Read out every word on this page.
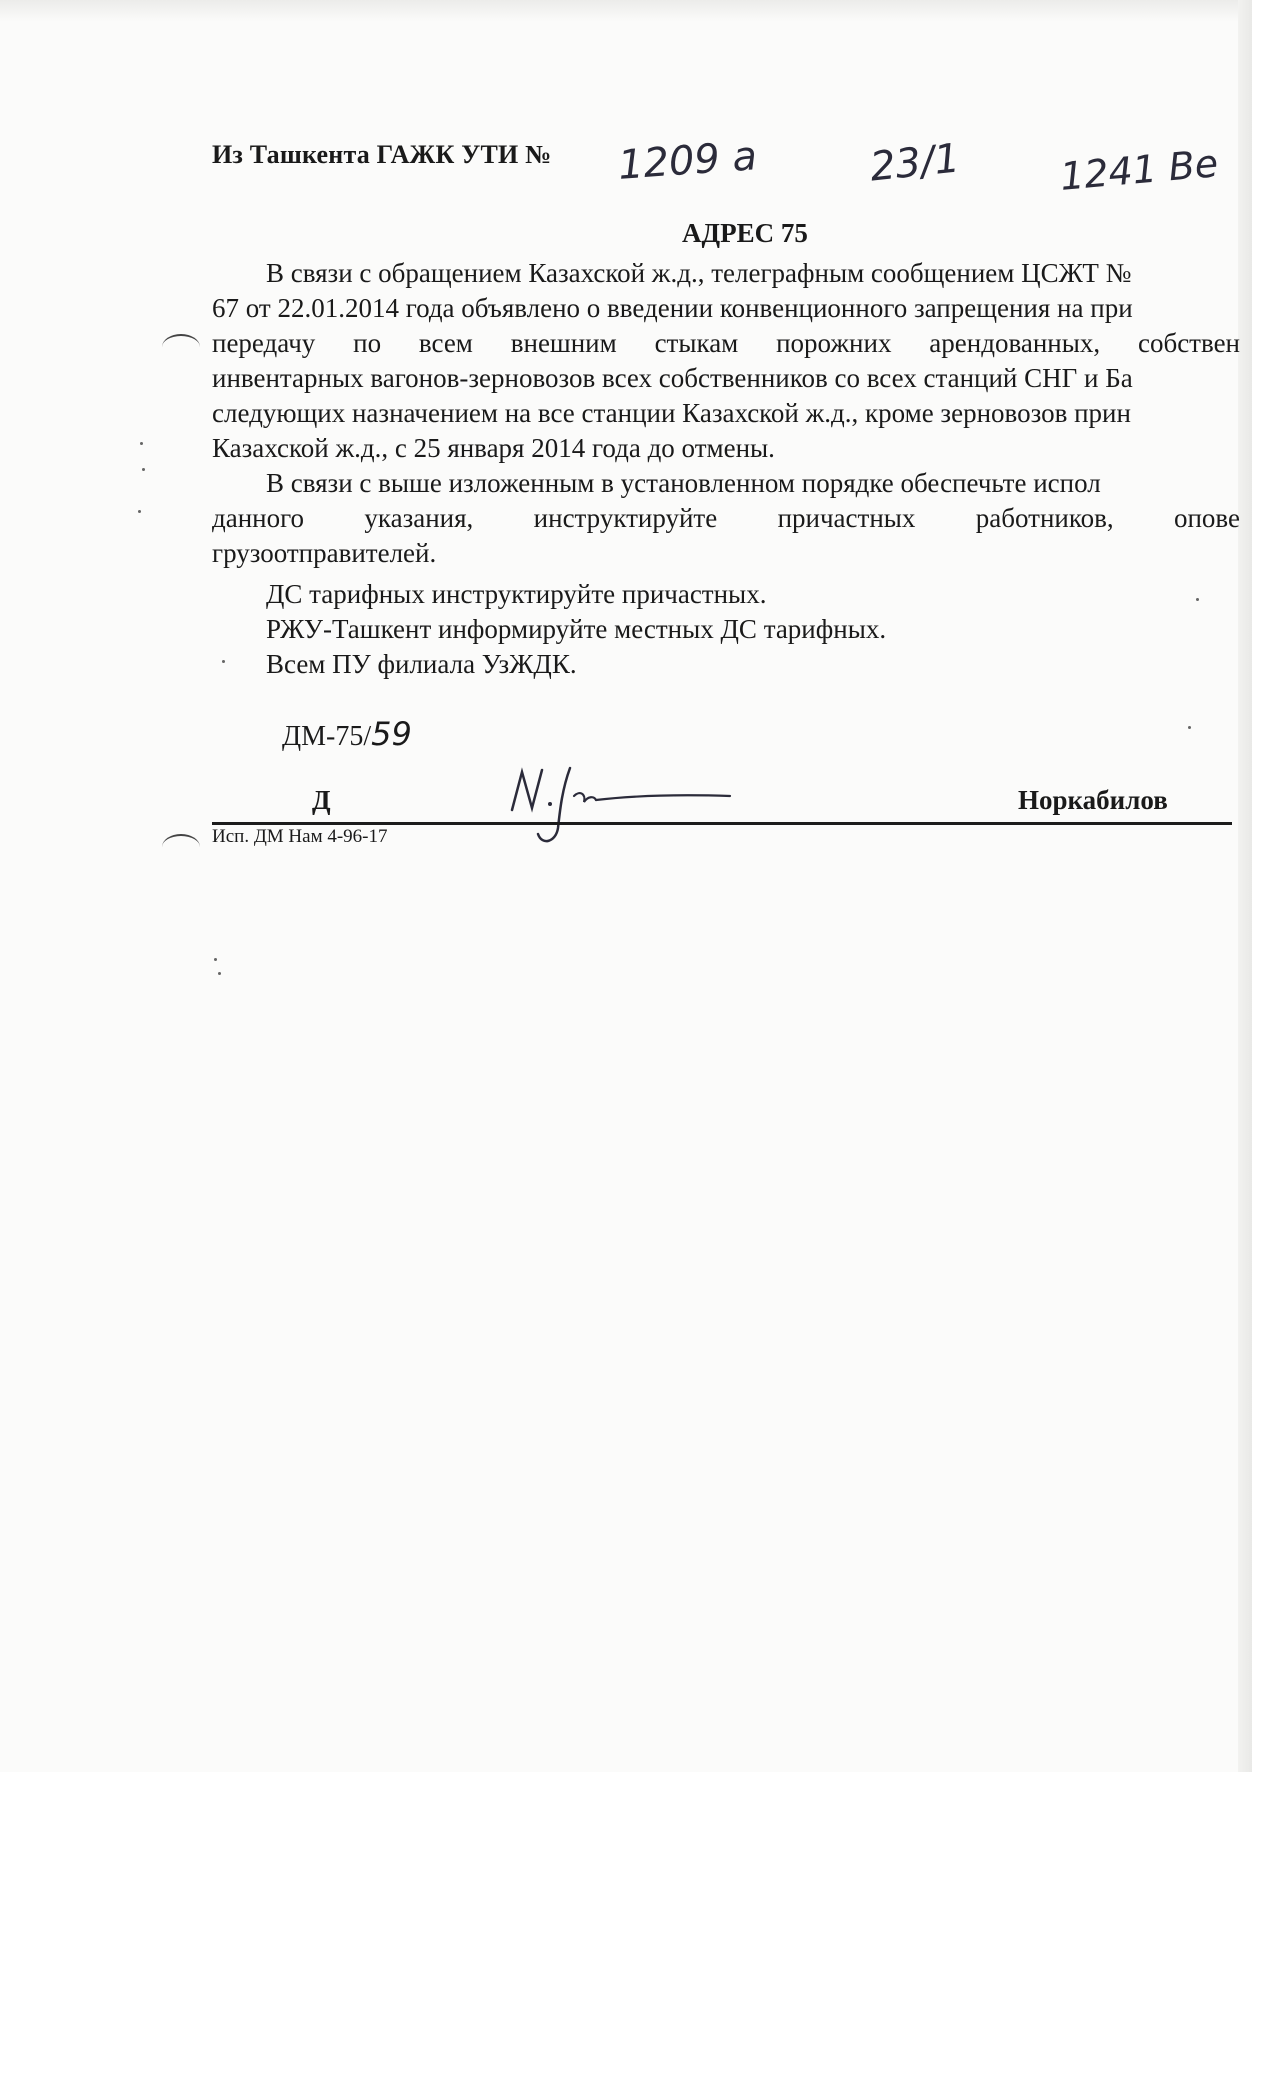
Из Ташкента ГАЖК УТИ № 1209 a	23/1	1241 Be
АДРЕС 75
В связи с обращением Казахской ж.д., телеграфным сообщением ЦСЖТ №
67 от 22.01.2014 года объявлено о введении конвенционного запрещения на при
передачу по всем внешним стыкам порожних арендованных, собствен
инвентарных вагонов-зерновозов всех собственников со всех станций СНГ и Ба
следующих назначением на все станции Казахской ж.д., кроме зерновозов прин
Казахской ж.д., с 25 января 2014 года до отмены.
В связи с выше изложенным в установленном порядке обеспечьте испол
данного указания, инструктируйте причастных работников, опове
грузоотправителей.
ДС тарифных инструктируйте причастных.
РЖУ-Ташкент информируйте местных ДС тарифных.
Всем ПУ филиала УзЖДК.
ДМ-75/59
Д	Норкабилов
Исп. ДМ Нам 4-96-17
